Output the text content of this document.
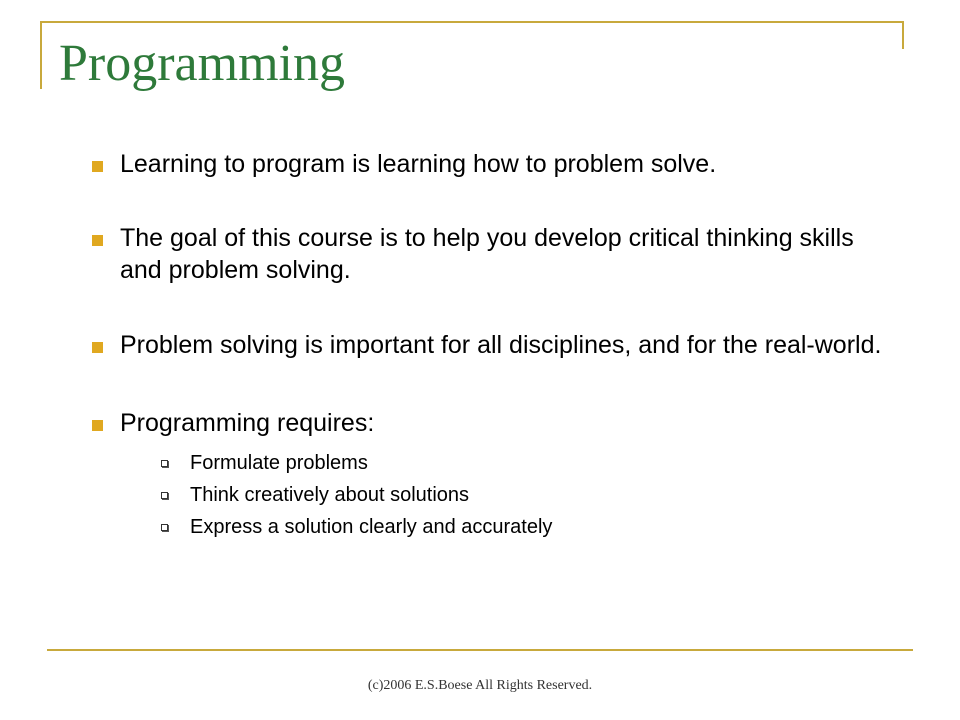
Programming
Learning to program is learning how to problem solve.
The goal of this course is to help you develop critical thinking skills and problem solving.
Problem solving is important for all disciplines, and for the real-world.
Programming requires:
Formulate problems
Think creatively about solutions
Express a solution clearly and accurately
(c)2006 E.S.Boese All Rights Reserved.
